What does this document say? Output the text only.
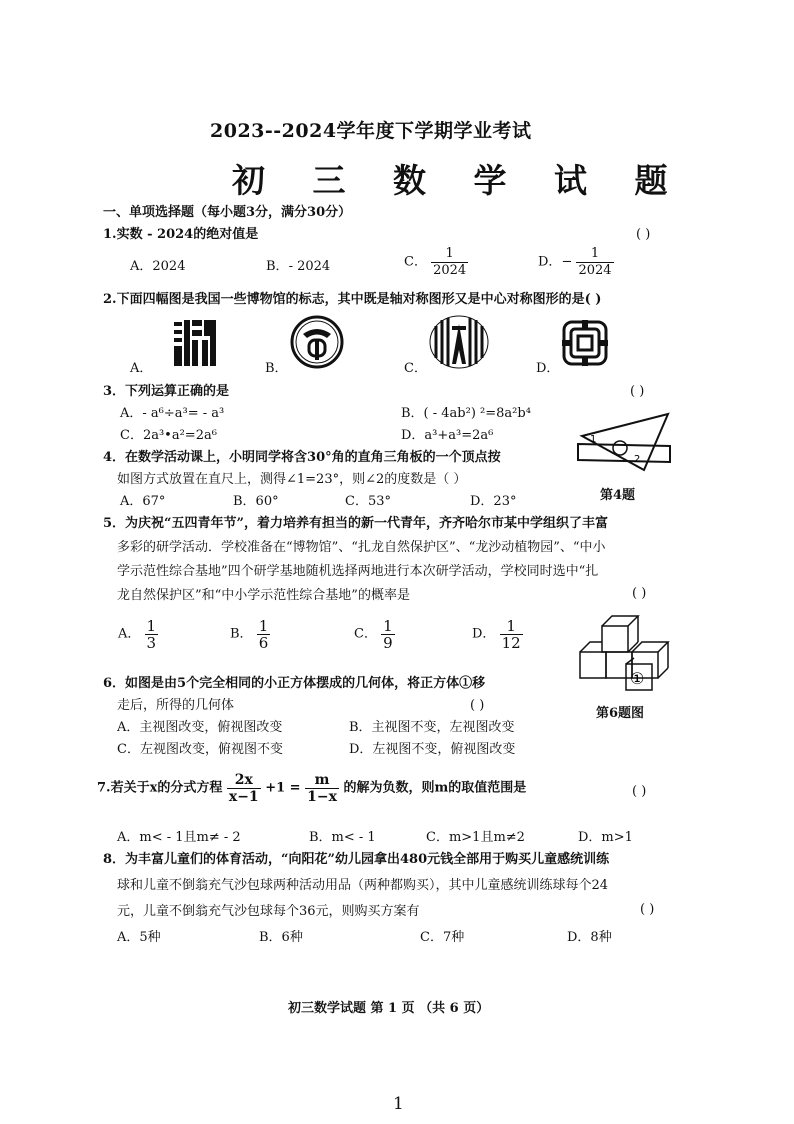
2023--2024学年度下学期学业考试
初 三 数 学 试 题
一、单项选择题（每小题3分，满分30分）
1.实数 - 2024的绝对值是	( )
A．2024	B．- 2024	C． $\frac{1}{2024}$	D．− $\frac{1}{2024}$
2.下面四幅图是我国一些博物馆的标志，其中既是轴对称图形又是中心对称图形的是( )
A．	B．	C．	D．
3．下列运算正确的是	( )
A．- a⁶÷a³= - a³	B．( - 4ab²) ²=8a²b⁴
C．2a³•a²=2a⁶	D．a³+a³=2a⁶
4．在数学活动课上，小明同学将含30°角的直角三角板的一个顶点按
如图方式放置在直尺上，测得∠1=23°，则∠2的度数是（ ）
A．67°	B．60°	C．53°	D．23°
1
2
第4题
5．为庆祝“五四青年节”，着力培养有担当的新一代青年，齐齐哈尔市某中学组织了丰富
多彩的研学活动．学校准备在“博物馆”、“扎龙自然保护区”、“龙沙动植物园”、“中小
学示范性综合基地”四个研学基地随机选择两地进行本次研学活动，学校同时选中“扎
龙自然保护区”和“中小学示范性综合基地”的概率是	( )
A． $\frac{1}{3}$	B． $\frac{1}{6}$	C． $\frac{1}{9}$	D． $\frac{1}{12}$
①
6．如图是由5个完全相同的小正方体摆成的几何体，将正方体①移
走后，所得的几何体	( )
第6题图
A．主视图改变，俯视图改变	B．主视图不变，左视图改变
C．左视图改变，俯视图不变	D．左视图不变，俯视图改变
7.若关于x的分式方程 $\frac{2x}{x-1} +1 = \frac{m}{1-x}$ 的解为负数，则m的取值范围是	( )
A．m< - 1且m≠ - 2	B．m< - 1	C．m>1且m≠2	D．m>1
8．为丰富儿童们的体育活动，“向阳花”幼儿园拿出480元钱全部用于购买儿童感统训练
球和儿童不倒翁充气沙包球两种活动用品（两种都购买），其中儿童感统训练球每个24
元，儿童不倒翁充气沙包球每个36元，则购买方案有	( )
A．5种	B．6种	C．7种	D．8种
初三数学试题 第 1 页 （共 6 页）
1
